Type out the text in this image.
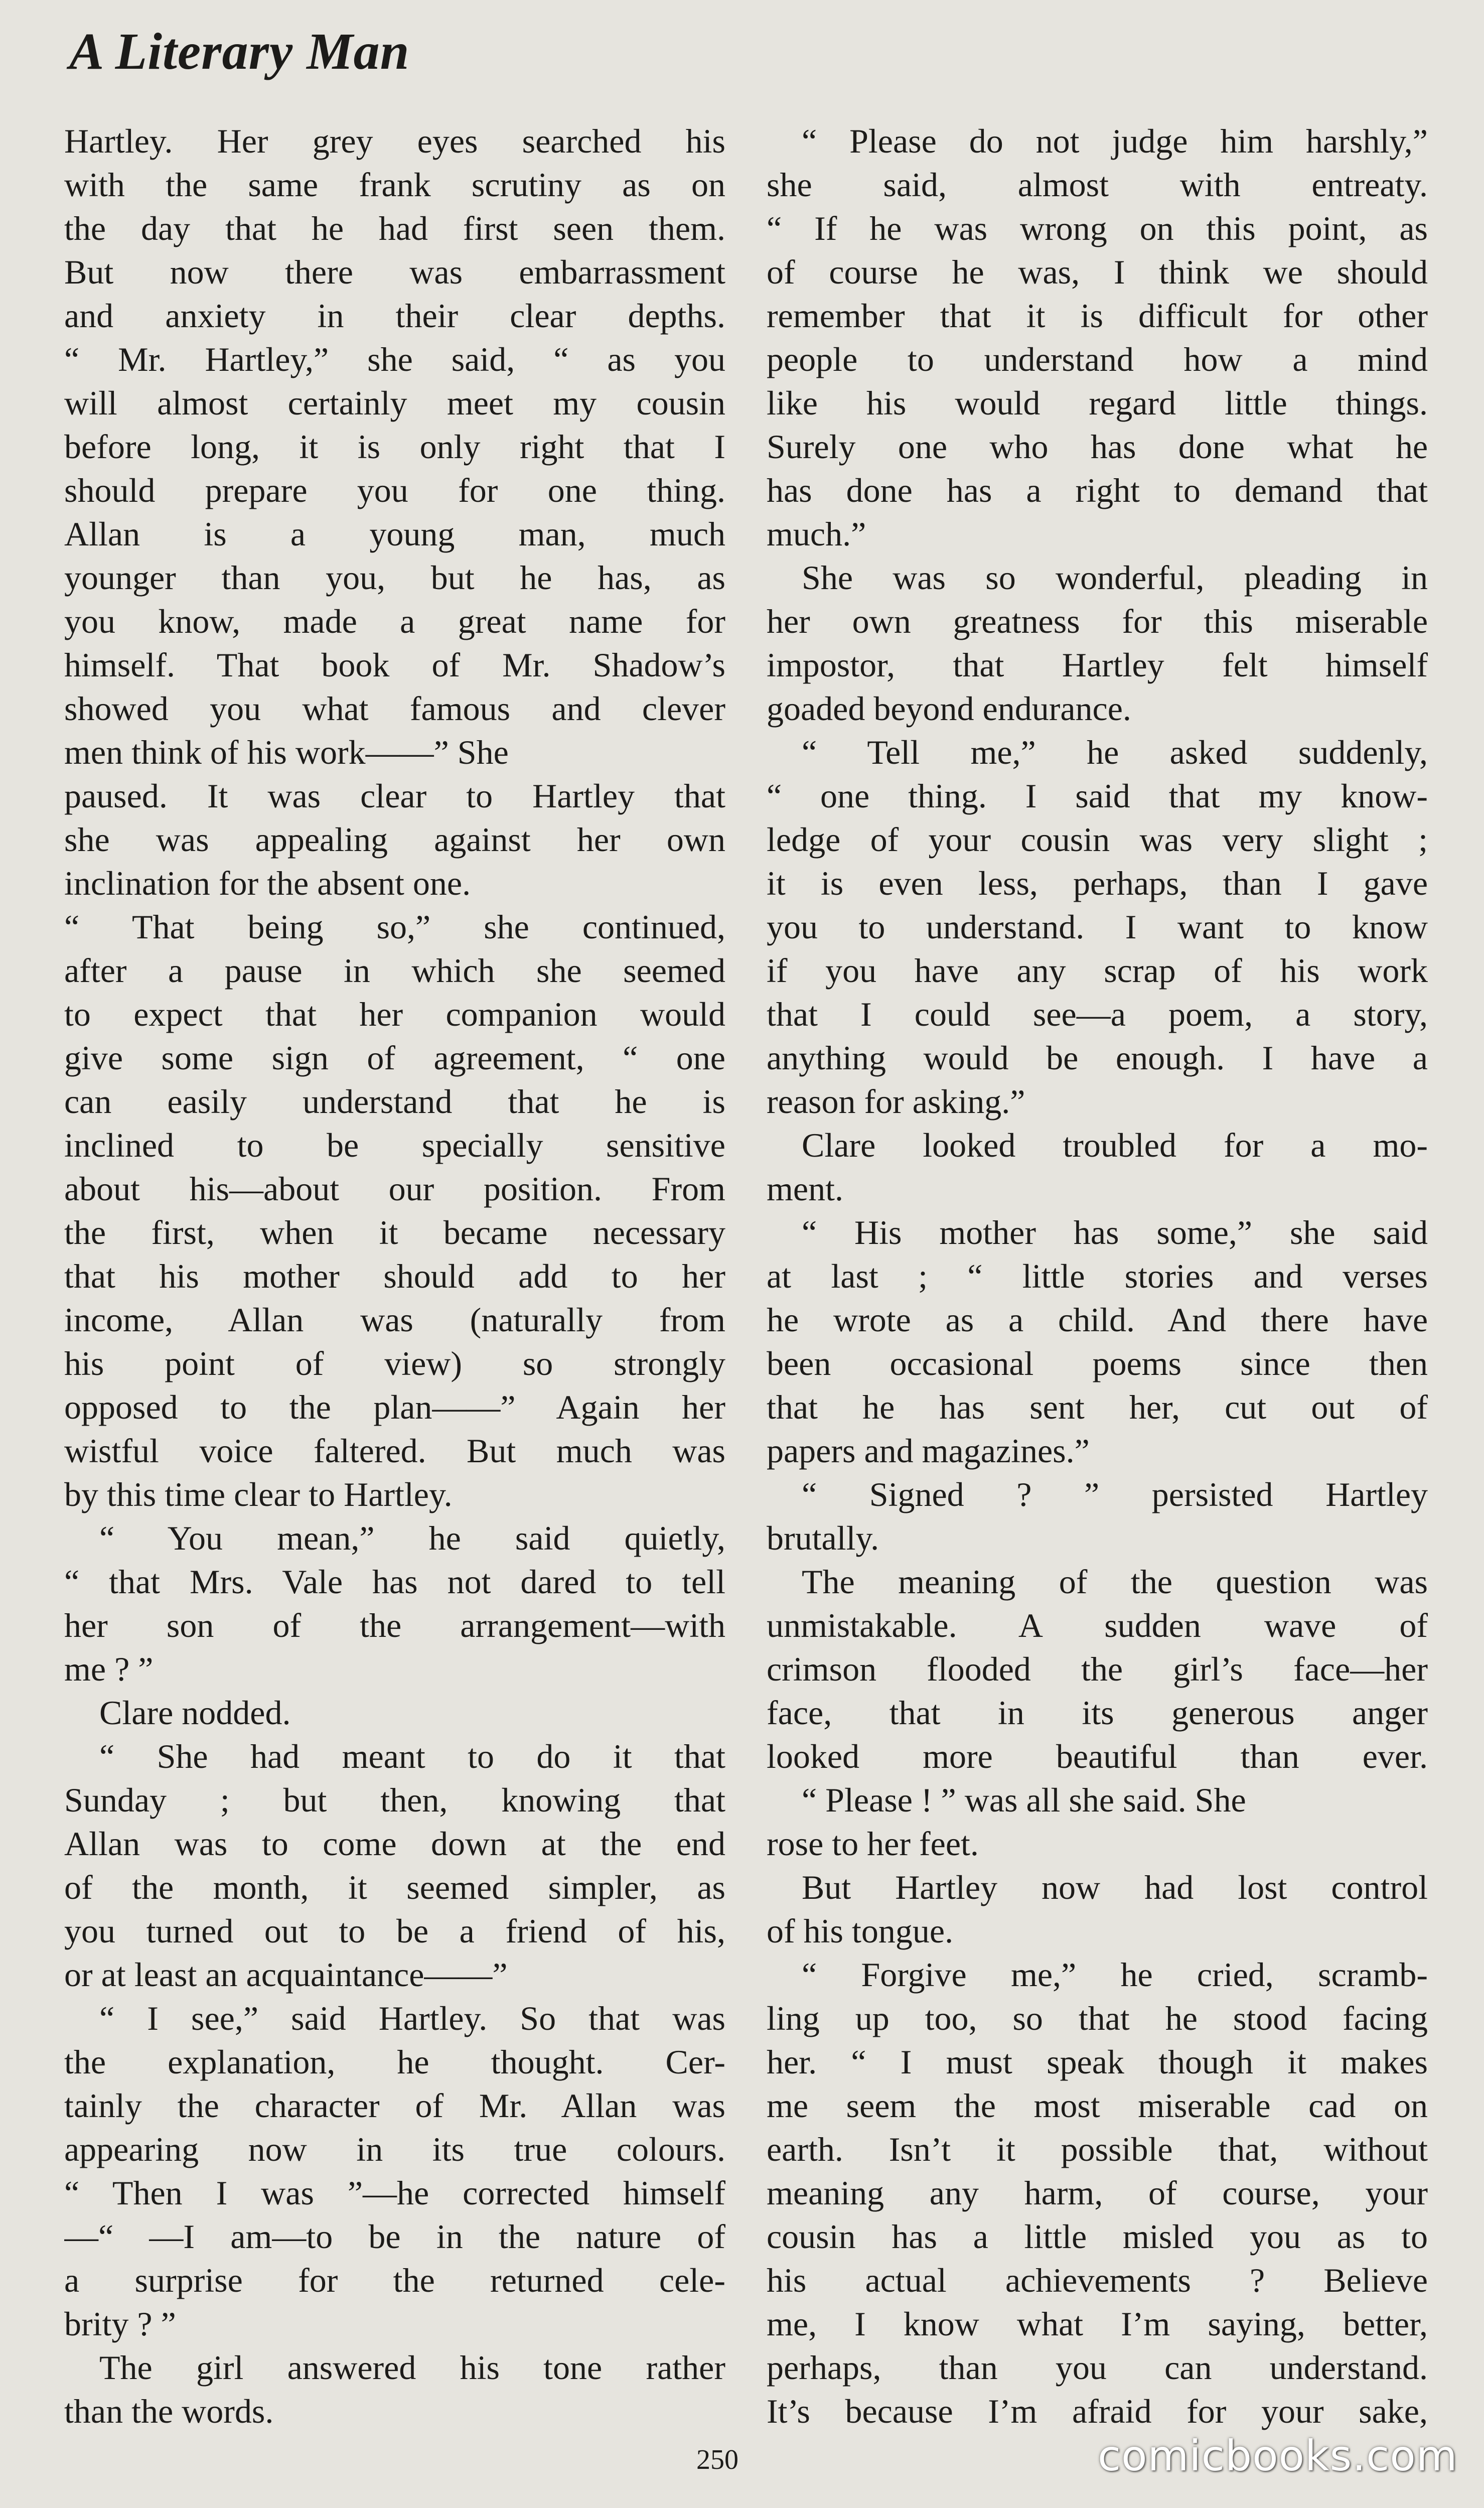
A Literary Man
Hartley. Her grey eyes searched his
with the same frank scrutiny as on
the day that he had first seen them.
But now there was embarrassment
and anxiety in their clear depths.
“ Mr. Hartley,” she said, “ as you
will almost certainly meet my cousin
before long, it is only right that I
should prepare you for one thing.
Allan is a young man, much
younger than you, but he has, as
you know, made a great name for
himself. That book of Mr. Shadow’s
showed you what famous and clever
men think of his work——” She
paused. It was clear to Hartley that
she was appealing against her own
inclination for the absent one.
“ That being so,” she continued,
after a pause in which she seemed
to expect that her companion would
give some sign of agreement, “ one
can easily understand that he is
inclined to be specially sensitive
about his—about our position. From
the first, when it became necessary
that his mother should add to her
income, Allan was (naturally from
his point of view) so strongly
opposed to the plan——” Again her
wistful voice faltered. But much was
by this time clear to Hartley.
“ You mean,” he said quietly,
“ that Mrs. Vale has not dared to tell
her son of the arrangement—with
me ? ”
Clare nodded.
“ She had meant to do it that
Sunday ; but then, knowing that
Allan was to come down at the end
of the month, it seemed simpler, as
you turned out to be a friend of his,
or at least an acquaintance——”
“ I see,” said Hartley. So that was
the explanation, he thought. Cer-
tainly the character of Mr. Allan was
appearing now in its true colours.
“ Then I was ”—he corrected himself
—“ —I am—to be in the nature of
a surprise for the returned cele-
brity ? ”
The girl answered his tone rather
than the words.
“ Please do not judge him harshly,”
she said, almost with entreaty.
“ If he was wrong on this point, as
of course he was, I think we should
remember that it is difficult for other
people to understand how a mind
like his would regard little things.
Surely one who has done what he
has done has a right to demand that
much.”
She was so wonderful, pleading in
her own greatness for this miserable
impostor, that Hartley felt himself
goaded beyond endurance.
“ Tell me,” he asked suddenly,
“ one thing. I said that my know-
ledge of your cousin was very slight ;
it is even less, perhaps, than I gave
you to understand. I want to know
if you have any scrap of his work
that I could see—a poem, a story,
anything would be enough. I have a
reason for asking.”
Clare looked troubled for a mo-
ment.
“ His mother has some,” she said
at last ; “ little stories and verses
he wrote as a child. And there have
been occasional poems since then
that he has sent her, cut out of
papers and magazines.”
“ Signed ? ” persisted Hartley
brutally.
The meaning of the question was
unmistakable. A sudden wave of
crimson flooded the girl’s face—her
face, that in its generous anger
looked more beautiful than ever.
“ Please ! ” was all she said. She
rose to her feet.
But Hartley now had lost control
of his tongue.
“ Forgive me,” he cried, scramb-
ling up too, so that he stood facing
her. “ I must speak though it makes
me seem the most miserable cad on
earth. Isn’t it possible that, without
meaning any harm, of course, your
cousin has a little misled you as to
his actual achievements ? Believe
me, I know what I’m saying, better,
perhaps, than you can understand.
It’s because I’m afraid for your sake,
250	comicbooks.com
